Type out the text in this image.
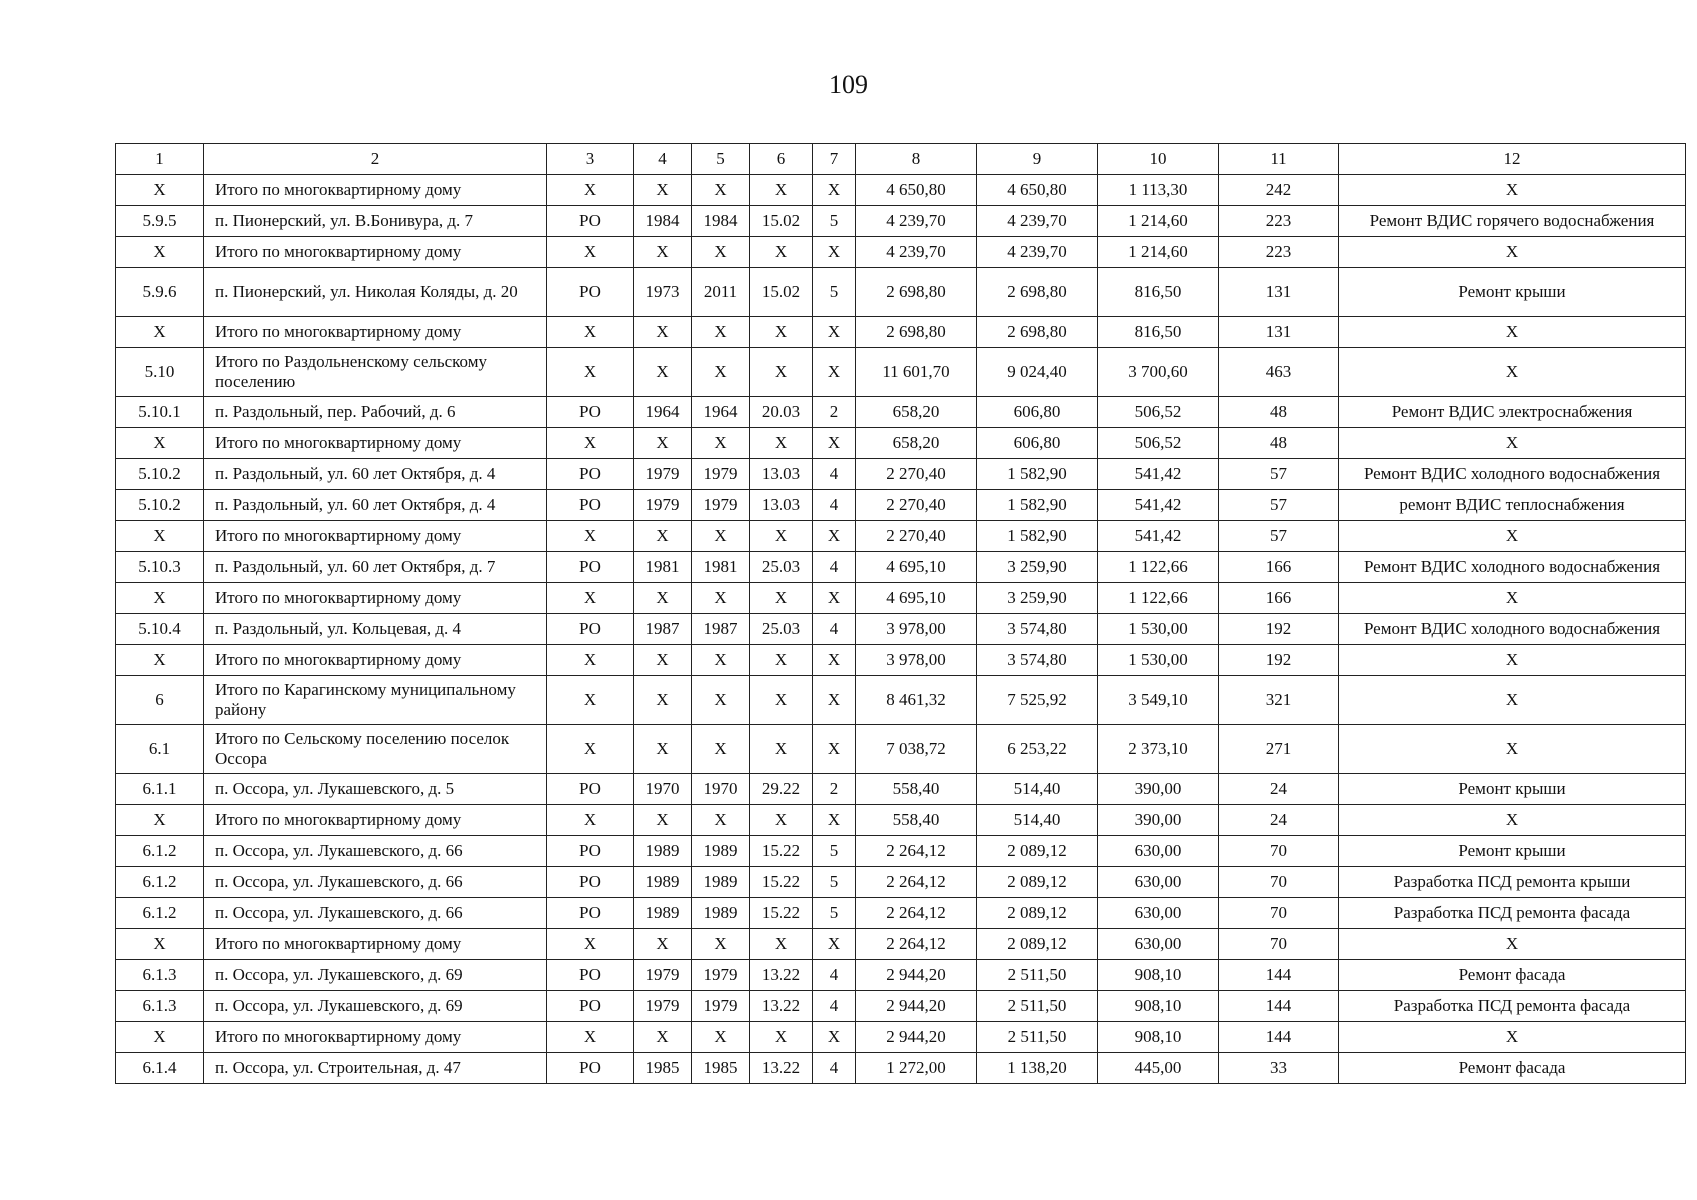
109
1	2	3	4	5	6	7	8	9	10	11	12
X	Итого по многоквартирному дому	X	X	X	X	X	4 650,80	4 650,80	1 113,30	242	X
5.9.5	п. Пионерский, ул. В.Бонивура, д. 7	РО	1984	1984	15.02	5	4 239,70	4 239,70	1 214,60	223	Ремонт ВДИС горячего водоснабжения
X	Итого по многоквартирному дому	X	X	X	X	X	4 239,70	4 239,70	1 214,60	223	X
5.9.6	п. Пионерский, ул. Николая Коляды, д. 20	РО	1973	2011	15.02	5	2 698,80	2 698,80	816,50	131	Ремонт крыши
X	Итого по многоквартирному дому	X	X	X	X	X	2 698,80	2 698,80	816,50	131	X
5.10	Итого по Раздольненскому сельскому поселению	X	X	X	X	X	11 601,70	9 024,40	3 700,60	463	X
5.10.1	п. Раздольный, пер. Рабочий, д. 6	РО	1964	1964	20.03	2	658,20	606,80	506,52	48	Ремонт ВДИС электроснабжения
X	Итого по многоквартирному дому	X	X	X	X	X	658,20	606,80	506,52	48	X
5.10.2	п. Раздольный, ул. 60 лет Октября, д. 4	РО	1979	1979	13.03	4	2 270,40	1 582,90	541,42	57	Ремонт ВДИС холодного водоснабжения
5.10.2	п. Раздольный, ул. 60 лет Октября, д. 4	РО	1979	1979	13.03	4	2 270,40	1 582,90	541,42	57	ремонт ВДИС теплоснабжения
X	Итого по многоквартирному дому	X	X	X	X	X	2 270,40	1 582,90	541,42	57	X
5.10.3	п. Раздольный, ул. 60 лет Октября, д. 7	РО	1981	1981	25.03	4	4 695,10	3 259,90	1 122,66	166	Ремонт ВДИС холодного водоснабжения
X	Итого по многоквартирному дому	X	X	X	X	X	4 695,10	3 259,90	1 122,66	166	X
5.10.4	п. Раздольный, ул. Кольцевая, д. 4	РО	1987	1987	25.03	4	3 978,00	3 574,80	1 530,00	192	Ремонт ВДИС холодного водоснабжения
X	Итого по многоквартирному дому	X	X	X	X	X	3 978,00	3 574,80	1 530,00	192	X
6	Итого по Карагинскому муниципальному району	X	X	X	X	X	8 461,32	7 525,92	3 549,10	321	X
6.1	Итого по Сельскому поселению поселок Оссора	X	X	X	X	X	7 038,72	6 253,22	2 373,10	271	X
6.1.1	п. Оссора, ул. Лукашевского, д. 5	РО	1970	1970	29.22	2	558,40	514,40	390,00	24	Ремонт крыши
X	Итого по многоквартирному дому	X	X	X	X	X	558,40	514,40	390,00	24	X
6.1.2	п. Оссора, ул. Лукашевского, д. 66	РО	1989	1989	15.22	5	2 264,12	2 089,12	630,00	70	Ремонт крыши
6.1.2	п. Оссора, ул. Лукашевского, д. 66	РО	1989	1989	15.22	5	2 264,12	2 089,12	630,00	70	Разработка ПСД ремонта крыши
6.1.2	п. Оссора, ул. Лукашевского, д. 66	РО	1989	1989	15.22	5	2 264,12	2 089,12	630,00	70	Разработка ПСД ремонта фасада
X	Итого по многоквартирному дому	X	X	X	X	X	2 264,12	2 089,12	630,00	70	X
6.1.3	п. Оссора, ул. Лукашевского, д. 69	РО	1979	1979	13.22	4	2 944,20	2 511,50	908,10	144	Ремонт фасада
6.1.3	п. Оссора, ул. Лукашевского, д. 69	РО	1979	1979	13.22	4	2 944,20	2 511,50	908,10	144	Разработка ПСД ремонта фасада
X	Итого по многоквартирному дому	X	X	X	X	X	2 944,20	2 511,50	908,10	144	X
6.1.4	п. Оссора, ул. Строительная, д. 47	РО	1985	1985	13.22	4	1 272,00	1 138,20	445,00	33	Ремонт фасада
